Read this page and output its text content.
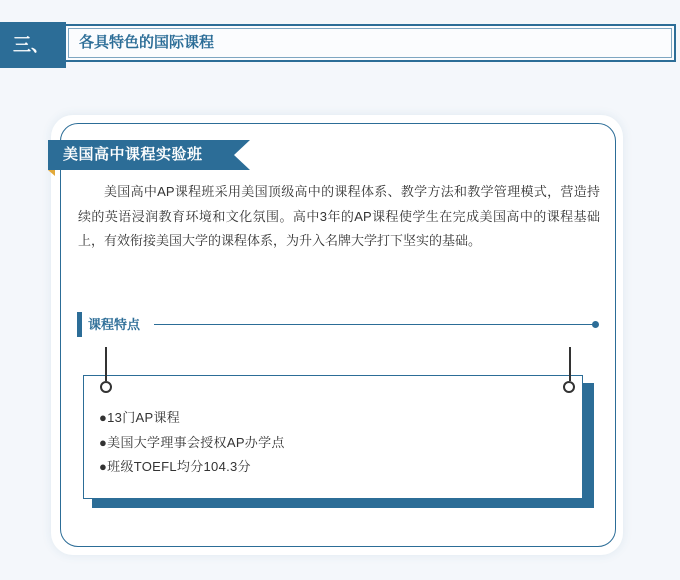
三、	各具特色的国际课程
美国高中课程实验班

美国高中AP课程班采用美国顶级高中的课程体系、教学方法和教学管理模式，营造持续的英语浸润教育环境和文化氛围。高中3年的AP课程使学生在完成美国高中的课程基础上，有效衔接美国大学的课程体系，为升入名牌大学打下坚实的基础。

课程特点
●13门AP课程
●美国大学理事会授权AP办学点
●班级TOEFL均分104.3分
